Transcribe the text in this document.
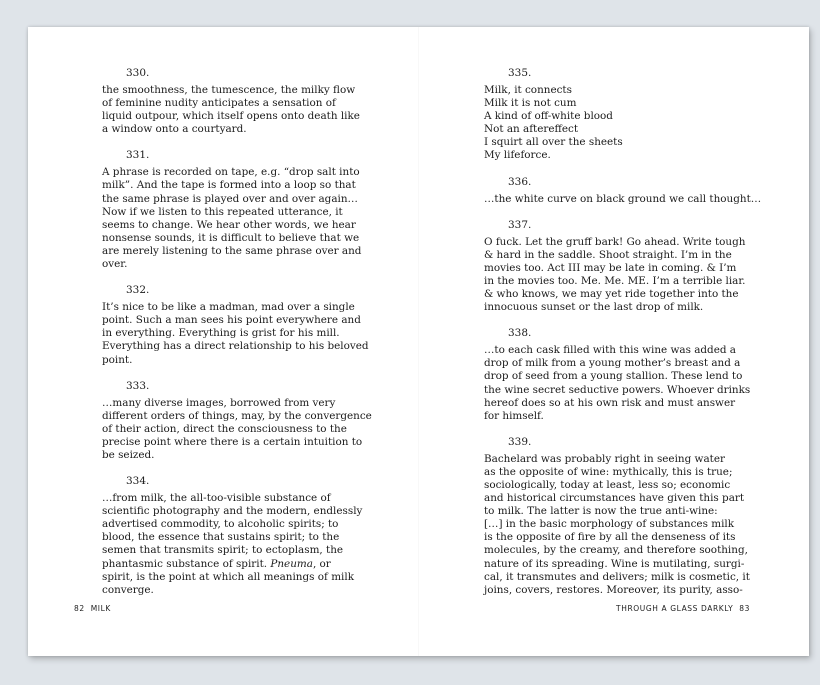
330.
the smoothness, the tumescence, the milky flow
of feminine nudity anticipates a sensation of
liquid outpour, which itself opens onto death like
a window onto a courtyard.
331.
A phrase is recorded on tape, e.g. “drop salt into
milk”. And the tape is formed into a loop so that
the same phrase is played over and over again…
Now if we listen to this repeated utterance, it
seems to change. We hear other words, we hear
nonsense sounds, it is difficult to believe that we
are merely listening to the same phrase over and
over.
332.
It’s nice to be like a madman, mad over a single
point. Such a man sees his point everywhere and
in everything. Everything is grist for his mill.
Everything has a direct relationship to his beloved
point.
333.
…many diverse images, borrowed from very
different orders of things, may, by the convergence
of their action, direct the consciousness to the
precise point where there is a certain intuition to
be seized.
334.
…from milk, the all-too-visible substance of
scientific photography and the modern, endlessly
advertised commodity, to alcoholic spirits; to
blood, the essence that sustains spirit; to the
semen that transmits spirit; to ectoplasm, the
phantasmic substance of spirit. Pneuma, or
spirit, is the point at which all meanings of milk
converge.
335.
Milk, it connects
Milk it is not cum
A kind of off-white blood
Not an aftereffect
I squirt all over the sheets
My lifeforce.
336.
…the white curve on black ground we call thought…
337.
O fuck. Let the gruff bark! Go ahead. Write tough
& hard in the saddle. Shoot straight. I’m in the
movies too. Act III may be late in coming. & I’m
in the movies too. Me. Me. ME. I’m a terrible liar.
& who knows, we may yet ride together into the
innocuous sunset or the last drop of milk.
338.
…to each cask filled with this wine was added a
drop of milk from a young mother’s breast and a
drop of seed from a young stallion. These lend to
the wine secret seductive powers. Whoever drinks
hereof does so at his own risk and must answer
for himself.
339.
Bachelard was probably right in seeing water
as the opposite of wine: mythically, this is true;
sociologically, today at least, less so; economic
and historical circumstances have given this part
to milk. The latter is now the true anti-wine:
[…] in the basic morphology of substances milk
is the opposite of fire by all the denseness of its
molecules, by the creamy, and therefore soothing,
nature of its spreading. Wine is mutilating, surgi-
cal, it transmutes and delivers; milk is cosmetic, it
joins, covers, restores. Moreover, its purity, asso-
82 MILK	THROUGH A GLASS DARKLY 83
